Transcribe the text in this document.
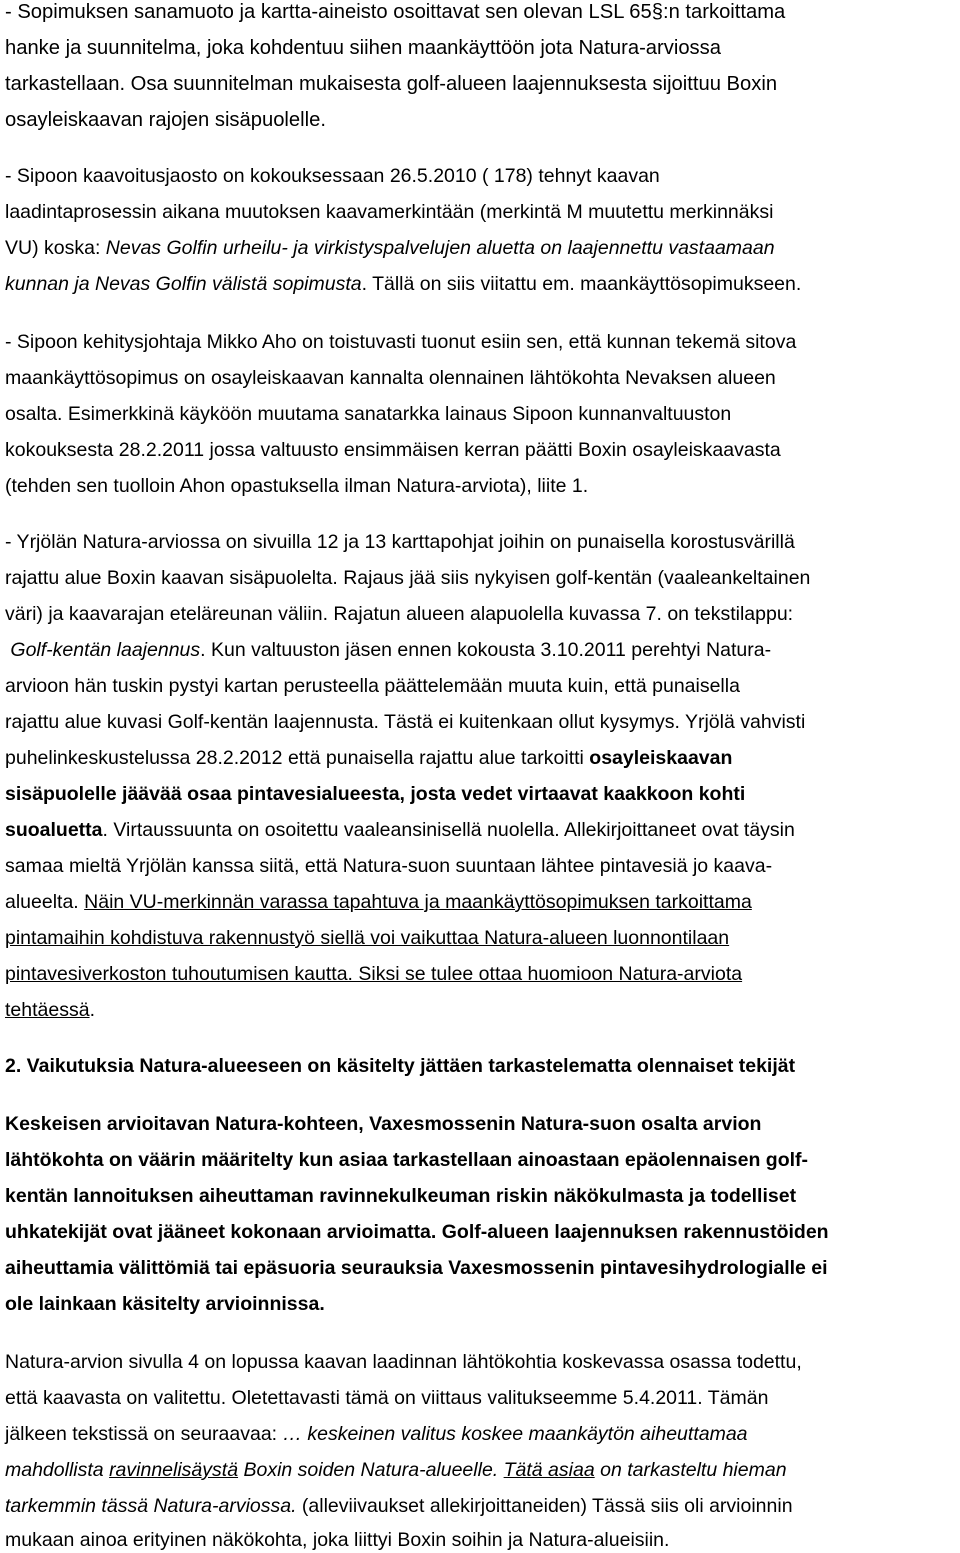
- Sopimuksen sanamuoto ja kartta-aineisto osoittavat sen olevan LSL 65§:n tarkoittama
hanke ja suunnitelma, joka kohdentuu siihen maankäyttöön jota Natura-arviossa
tarkastellaan. Osa suunnitelman mukaisesta golf-alueen laajennuksesta sijoittuu Boxin
osayleiskaavan rajojen sisäpuolelle.
- Sipoon kaavoitusjaosto on kokouksessaan 26.5.2010 ( 178) tehnyt kaavan
laadintaprosessin aikana muutoksen kaavamerkintään (merkintä M muutettu merkinnäksi
VU) koska: Nevas Golfin urheilu- ja virkistyspalvelujen aluetta on laajennettu vastaamaan
kunnan ja Nevas Golfin välistä sopimusta. Tällä on siis viitattu em. maankäyttösopimukseen.
- Sipoon kehitysjohtaja Mikko Aho on toistuvasti tuonut esiin sen, että kunnan tekemä sitova
maankäyttösopimus on osayleiskaavan kannalta olennainen lähtökohta Nevaksen alueen
osalta. Esimerkkinä käyköön muutama sanatarkka lainaus Sipoon kunnanvaltuuston
kokouksesta 28.2.2011 jossa valtuusto ensimmäisen kerran päätti Boxin osayleiskaavasta
(tehden sen tuolloin Ahon opastuksella ilman Natura-arviota), liite 1.
- Yrjölän Natura-arviossa on sivuilla 12 ja 13 karttapohjat joihin on punaisella korostusvärillä
rajattu alue Boxin kaavan sisäpuolelta. Rajaus jää siis nykyisen golf-kentän (vaaleankeltainen
väri) ja kaavarajan eteläreunan väliin. Rajatun alueen alapuolella kuvassa 7. on tekstilappu:
Golf-kentän laajennus. Kun valtuuston jäsen ennen kokousta 3.10.2011 perehtyi Natura-
arvioon hän tuskin pystyi kartan perusteella päättelemään muuta kuin, että punaisella
rajattu alue kuvasi Golf-kentän laajennusta. Tästä ei kuitenkaan ollut kysymys. Yrjölä vahvisti
puhelinkeskustelussa 28.2.2012 että punaisella rajattu alue tarkoitti osayleiskaavan
sisäpuolelle jäävää osaa pintavesialueesta, josta vedet virtaavat kaakkoon kohti
suoaluetta. Virtaussuunta on osoitettu vaaleansinisellä nuolella. Allekirjoittaneet ovat täysin
samaa mieltä Yrjölän kanssa siitä, että Natura-suon suuntaan lähtee pintavesiä jo kaava-
alueelta. Näin VU-merkinnän varassa tapahtuva ja maankäyttösopimuksen tarkoittama
pintamaihin kohdistuva rakennustyö siellä voi vaikuttaa Natura-alueen luonnontilaan
pintavesiverkoston tuhoutumisen kautta. Siksi se tulee ottaa huomioon Natura-arviota
tehtäessä.
2. Vaikutuksia Natura-alueeseen on käsitelty jättäen tarkastelematta olennaiset tekijät
Keskeisen arvioitavan Natura-kohteen, Vaxesmossenin Natura-suon osalta arvion
lähtökohta on väärin määritelty kun asiaa tarkastellaan ainoastaan epäolennaisen golf-
kentän lannoituksen aiheuttaman ravinnekulkeuman riskin näkökulmasta ja todelliset
uhkatekijät ovat jääneet kokonaan arvioimatta. Golf-alueen laajennuksen rakennustöiden
aiheuttamia välittömiä tai epäsuoria seurauksia Vaxesmossenin pintavesihydrologialle ei
ole lainkaan käsitelty arvioinnissa.
Natura-arvion sivulla 4 on lopussa kaavan laadinnan lähtökohtia koskevassa osassa todettu,
että kaavasta on valitettu. Oletettavasti tämä on viittaus valitukseemme 5.4.2011. Tämän
jälkeen tekstissä on seuraavaa: … keskeinen valitus koskee maankäytön aiheuttamaa
mahdollista ravinnelisäystä Boxin soiden Natura-alueelle. Tätä asiaa on tarkasteltu hieman
tarkemmin tässä Natura-arviossa. (alleviivaukset allekirjoittaneiden) Tässä siis oli arvioinnin
mukaan ainoa erityinen näkökohta, joka liittyi Boxin soihin ja Natura-alueisiin.
